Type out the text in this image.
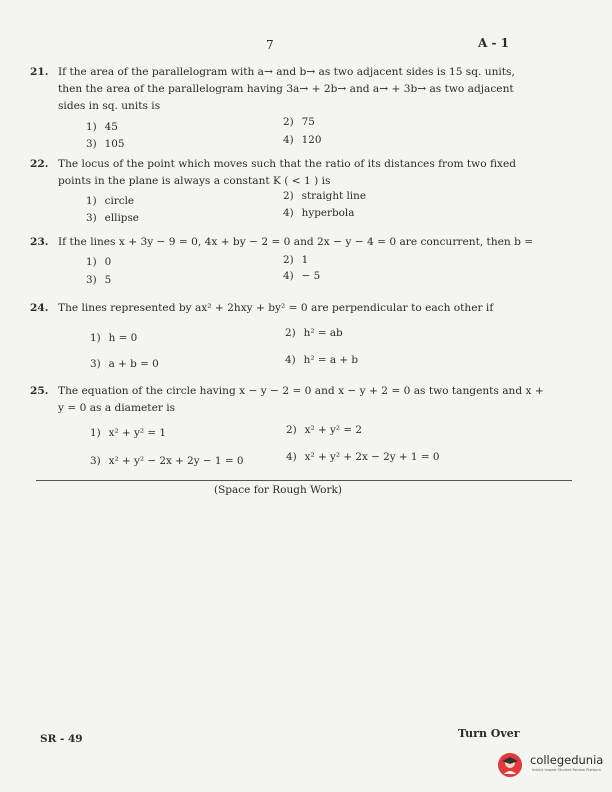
7	A - 1
21. If the area of the parallelogram with a→ and b→ as two adjacent sides is 15 sq. units, then the area of the parallelogram having 3a→ + 2b→ and a→ + 3b→ as two adjacent sides in sq. units is
1) 45	2) 75
3) 105	4) 120
22. The locus of the point which moves such that the ratio of its distances from two fixed points in the plane is always a constant K ( < 1 ) is
1) circle	2) straight line
3) ellipse	4) hyperbola
23. If the lines x + 3y − 9 = 0, 4x + by − 2 = 0 and 2x − y − 4 = 0 are concurrent, then b =
1) 0	2) 1
3) 5	4) − 5
24. The lines represented by ax² + 2hxy + by² = 0 are perpendicular to each other if
1) h = 0	2) h² = ab
3) a + b = 0	4) h² = a + b
25. The equation of the circle having x − y − 2 = 0 and x − y + 2 = 0 as two tangents and x + y = 0 as a diameter is
1) x² + y² = 1	2) x² + y² = 2
3) x² + y² − 2x + 2y − 1 = 0	4) x² + y² + 2x − 2y + 1 = 0
(Space for Rough Work)
SR - 49	Turn Over
collegedunia
India's largest Student Review Platform
